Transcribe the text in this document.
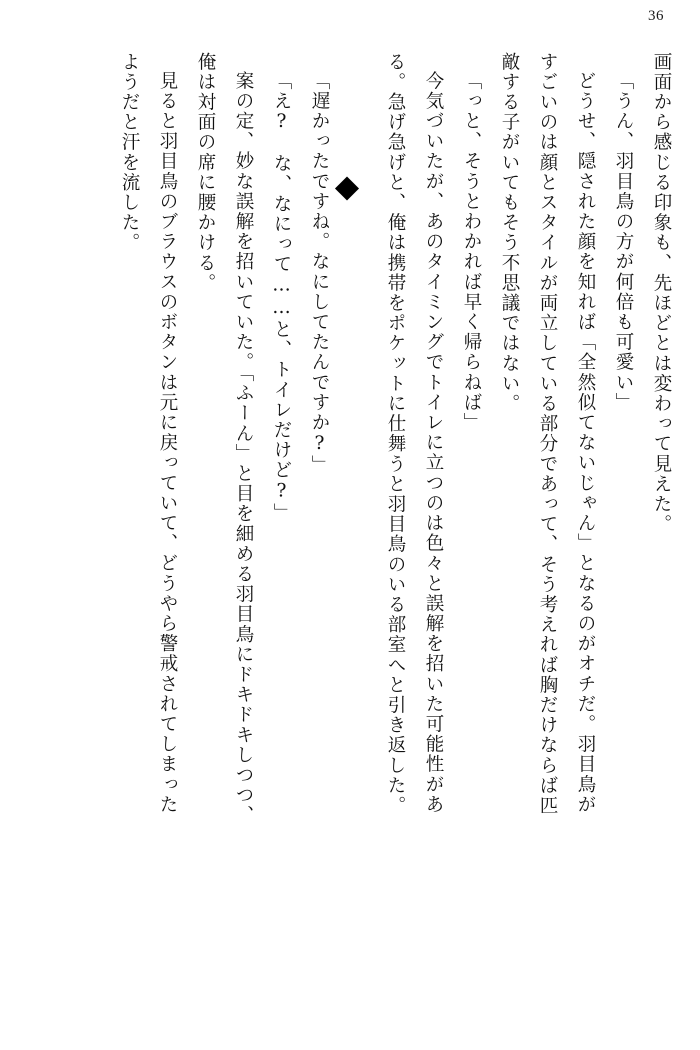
36
画面から感じる印象も、先ほどとは変わって見えた。
「うん、羽目鳥の方が何倍も可愛い」
どうせ、隠された顔を知れば「全然似てないじゃん」となるのがオチだ。羽目鳥が
すごいのは顔とスタイルが両立している部分であって、そう考えれば胸だけならば匹
敵する子がいてもそう不思議ではない。
「っと、そうとわかれば早く帰らねば」
今気づいたが、あのタイミングでトイレに立つのは色々と誤解を招いた可能性があ
る。急げ急げと、俺は携帯をポケットに仕舞うと羽目鳥のいる部室へと引き返した。
「遅かったですね。なにしてたんですか?」
「え?　な、なにって……と、トイレだけど?」
案の定、妙な誤解を招いていた。「ふーん」と目を細める羽目鳥にドキドキしつつ、
俺は対面の席に腰かける。
見ると羽目鳥のブラウスのボタンは元に戻っていて、どうやら警戒されてしまった
ようだと汗を流した。
